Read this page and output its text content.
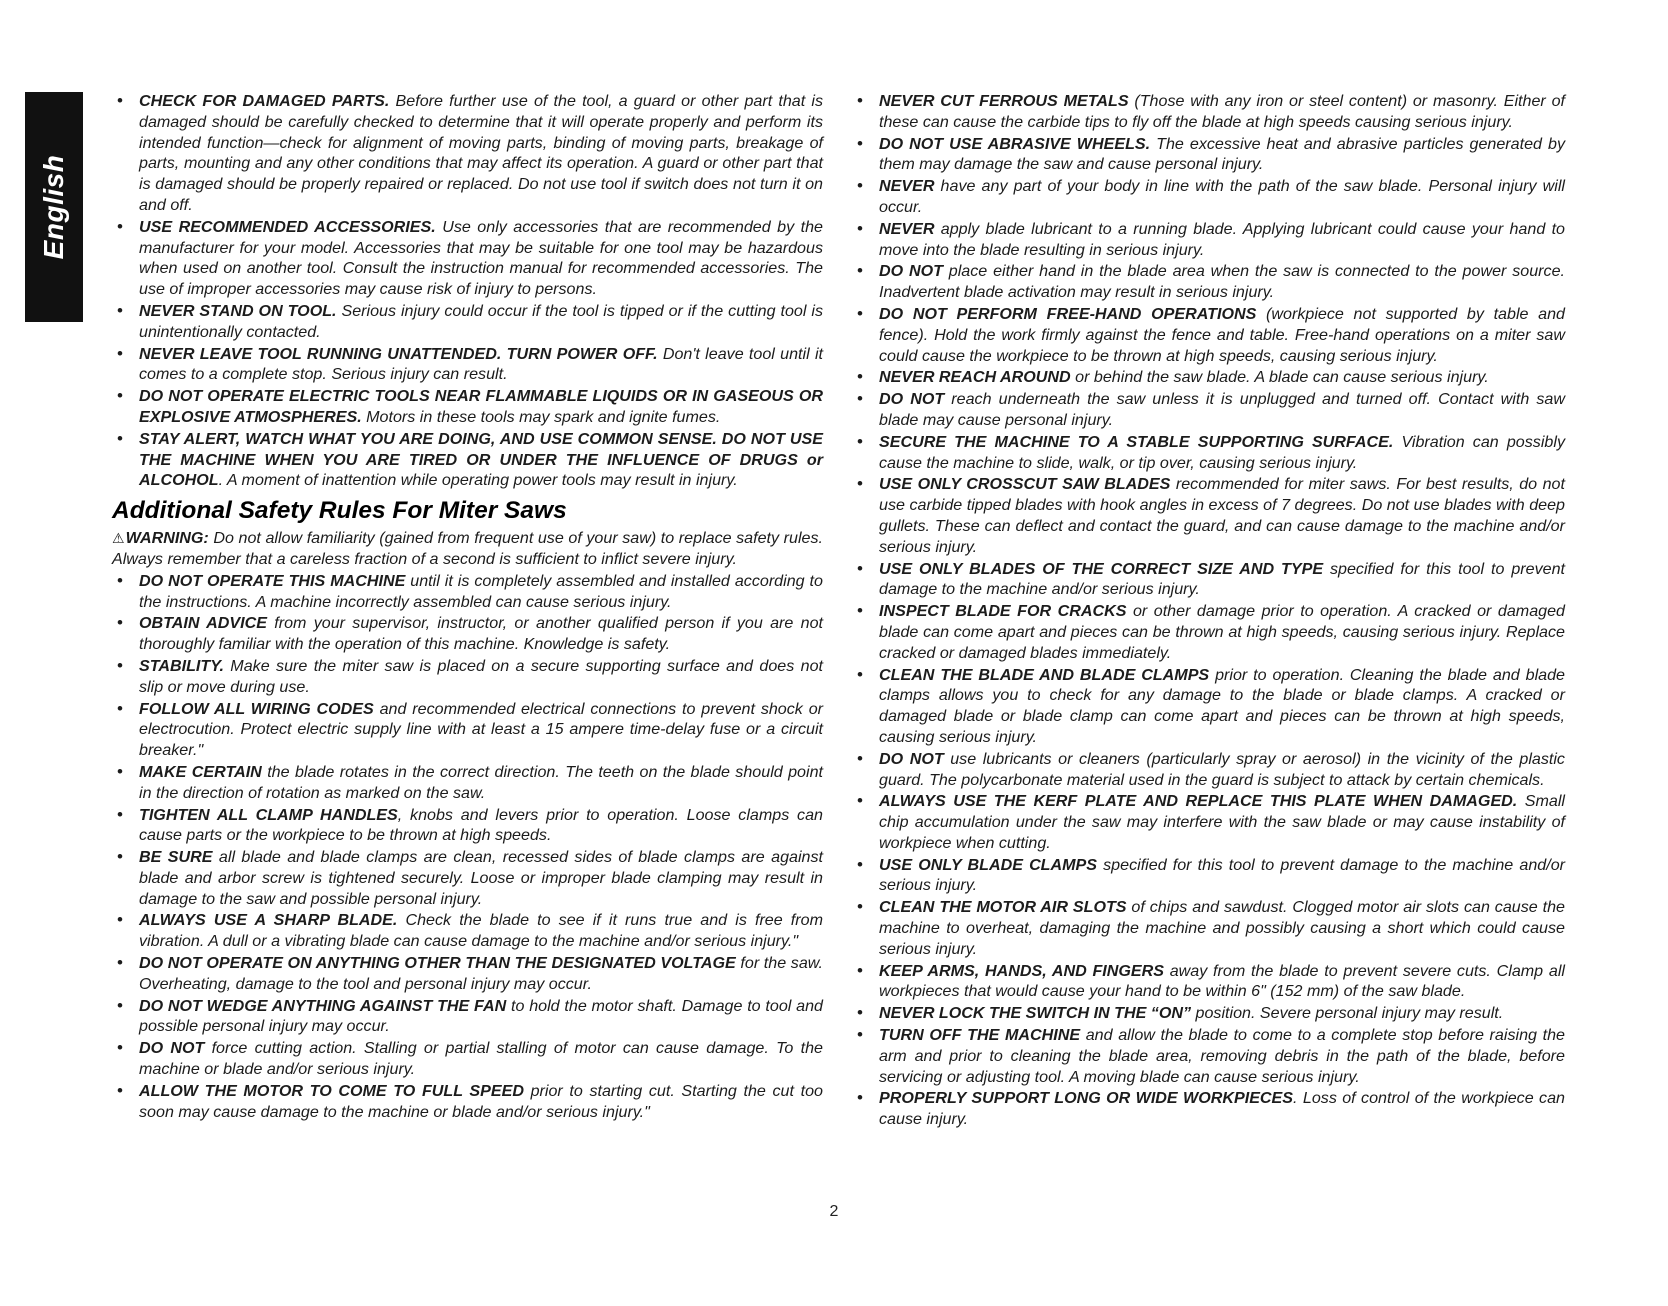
English
• CHECK FOR DAMAGED PARTS. Before further use of the tool, a guard or other part that is damaged should be carefully checked to determine that it will operate properly and perform its intended function—check for alignment of moving parts, binding of moving parts, breakage of parts, mounting and any other conditions that may affect its operation. A guard or other part that is damaged should be properly repaired or replaced. Do not use tool if switch does not turn it on and off.
• USE RECOMMENDED ACCESSORIES. Use only accessories that are recommended by the manufacturer for your model. Accessories that may be suitable for one tool may be hazardous when used on another tool. Consult the instruction manual for recommended accessories. The use of improper accessories may cause risk of injury to persons.
• NEVER STAND ON TOOL. Serious injury could occur if the tool is tipped or if the cutting tool is unintentionally contacted.
• NEVER LEAVE TOOL RUNNING UNATTENDED. TURN POWER OFF. Don't leave tool until it comes to a complete stop. Serious injury can result.
• DO NOT OPERATE ELECTRIC TOOLS NEAR FLAMMABLE LIQUIDS OR IN GASEOUS OR EXPLOSIVE ATMOSPHERES. Motors in these tools may spark and ignite fumes.
• STAY ALERT, WATCH WHAT YOU ARE DOING, AND USE COMMON SENSE. DO NOT USE THE MACHINE WHEN YOU ARE TIRED OR UNDER THE INFLUENCE OF DRUGS or ALCOHOL. A moment of inattention while operating power tools may result in injury.
Additional Safety Rules For Miter Saws

⚠WARNING: Do not allow familiarity (gained from frequent use of your saw) to replace safety rules. Always remember that a careless fraction of a second is sufficient to inflict severe injury.

• DO NOT OPERATE THIS MACHINE until it is completely assembled and installed according to the instructions. A machine incorrectly assembled can cause serious injury.
• OBTAIN ADVICE from your supervisor, instructor, or another qualified person if you are not thoroughly familiar with the operation of this machine. Knowledge is safety.
• STABILITY. Make sure the miter saw is placed on a secure supporting surface and does not slip or move during use.
• FOLLOW ALL WIRING CODES and recommended electrical connections to prevent shock or electrocution. Protect electric supply line with at least a 15 ampere time-delay fuse or a circuit breaker."
• MAKE CERTAIN the blade rotates in the correct direction. The teeth on the blade should point in the direction of rotation as marked on the saw.
• TIGHTEN ALL CLAMP HANDLES, knobs and levers prior to operation. Loose clamps can cause parts or the workpiece to be thrown at high speeds.
• BE SURE all blade and blade clamps are clean, recessed sides of blade clamps are against blade and arbor screw is tightened securely. Loose or improper blade clamping may result in damage to the saw and possible personal injury.
• ALWAYS USE A SHARP BLADE. Check the blade to see if it runs true and is free from vibration. A dull or a vibrating blade can cause damage to the machine and/or serious injury."
• DO NOT OPERATE ON ANYTHING OTHER THAN THE DESIGNATED VOLTAGE for the saw. Overheating, damage to the tool and personal injury may occur.
• DO NOT WEDGE ANYTHING AGAINST THE FAN to hold the motor shaft. Damage to tool and possible personal injury may occur.
• DO NOT force cutting action. Stalling or partial stalling of motor can cause damage. To the machine or blade and/or serious injury.
• ALLOW THE MOTOR TO COME TO FULL SPEED prior to starting cut. Starting the cut too soon may cause damage to the machine or blade and/or serious injury."
• NEVER CUT FERROUS METALS (Those with any iron or steel content) or masonry. Either of these can cause the carbide tips to fly off the blade at high speeds causing serious injury.
• DO NOT USE ABRASIVE WHEELS. The excessive heat and abrasive particles generated by them may damage the saw and cause personal injury.
• NEVER have any part of your body in line with the path of the saw blade. Personal injury will occur.
• NEVER apply blade lubricant to a running blade. Applying lubricant could cause your hand to move into the blade resulting in serious injury.
• DO NOT place either hand in the blade area when the saw is connected to the power source. Inadvertent blade activation may result in serious injury.
• DO NOT PERFORM FREE-HAND OPERATIONS (workpiece not supported by table and fence). Hold the work firmly against the fence and table. Free-hand operations on a miter saw could cause the workpiece to be thrown at high speeds, causing serious injury.
• NEVER REACH AROUND or behind the saw blade. A blade can cause serious injury.
• DO NOT reach underneath the saw unless it is unplugged and turned off. Contact with saw blade may cause personal injury.
• SECURE THE MACHINE TO A STABLE SUPPORTING SURFACE. Vibration can possibly cause the machine to slide, walk, or tip over, causing serious injury.
• USE ONLY CROSSCUT SAW BLADES recommended for miter saws. For best results, do not use carbide tipped blades with hook angles in excess of 7 degrees. Do not use blades with deep gullets. These can deflect and contact the guard, and can cause damage to the machine and/or serious injury.
• USE ONLY BLADES OF THE CORRECT SIZE AND TYPE specified for this tool to prevent damage to the machine and/or serious injury.
• INSPECT BLADE FOR CRACKS or other damage prior to operation. A cracked or damaged blade can come apart and pieces can be thrown at high speeds, causing serious injury. Replace cracked or damaged blades immediately.
• CLEAN THE BLADE AND BLADE CLAMPS prior to operation. Cleaning the blade and blade clamps allows you to check for any damage to the blade or blade clamps. A cracked or damaged blade or blade clamp can come apart and pieces can be thrown at high speeds, causing serious injury.
• DO NOT use lubricants or cleaners (particularly spray or aerosol) in the vicinity of the plastic guard. The polycarbonate material used in the guard is subject to attack by certain chemicals.
• ALWAYS USE THE KERF PLATE AND REPLACE THIS PLATE WHEN DAMAGED. Small chip accumulation under the saw may interfere with the saw blade or may cause instability of workpiece when cutting.
• USE ONLY BLADE CLAMPS specified for this tool to prevent damage to the machine and/or serious injury.
• CLEAN THE MOTOR AIR SLOTS of chips and sawdust. Clogged motor air slots can cause the machine to overheat, damaging the machine and possibly causing a short which could cause serious injury.
• KEEP ARMS, HANDS, AND FINGERS away from the blade to prevent severe cuts. Clamp all workpieces that would cause your hand to be within 6" (152 mm) of the saw blade.
• NEVER LOCK THE SWITCH IN THE “ON” position. Severe personal injury may result.
• TURN OFF THE MACHINE and allow the blade to come to a complete stop before raising the arm and prior to cleaning the blade area, removing debris in the path of the blade, before servicing or adjusting tool. A moving blade can cause serious injury.
• PROPERLY SUPPORT LONG OR WIDE WORKPIECES. Loss of control of the workpiece can cause injury.
2
